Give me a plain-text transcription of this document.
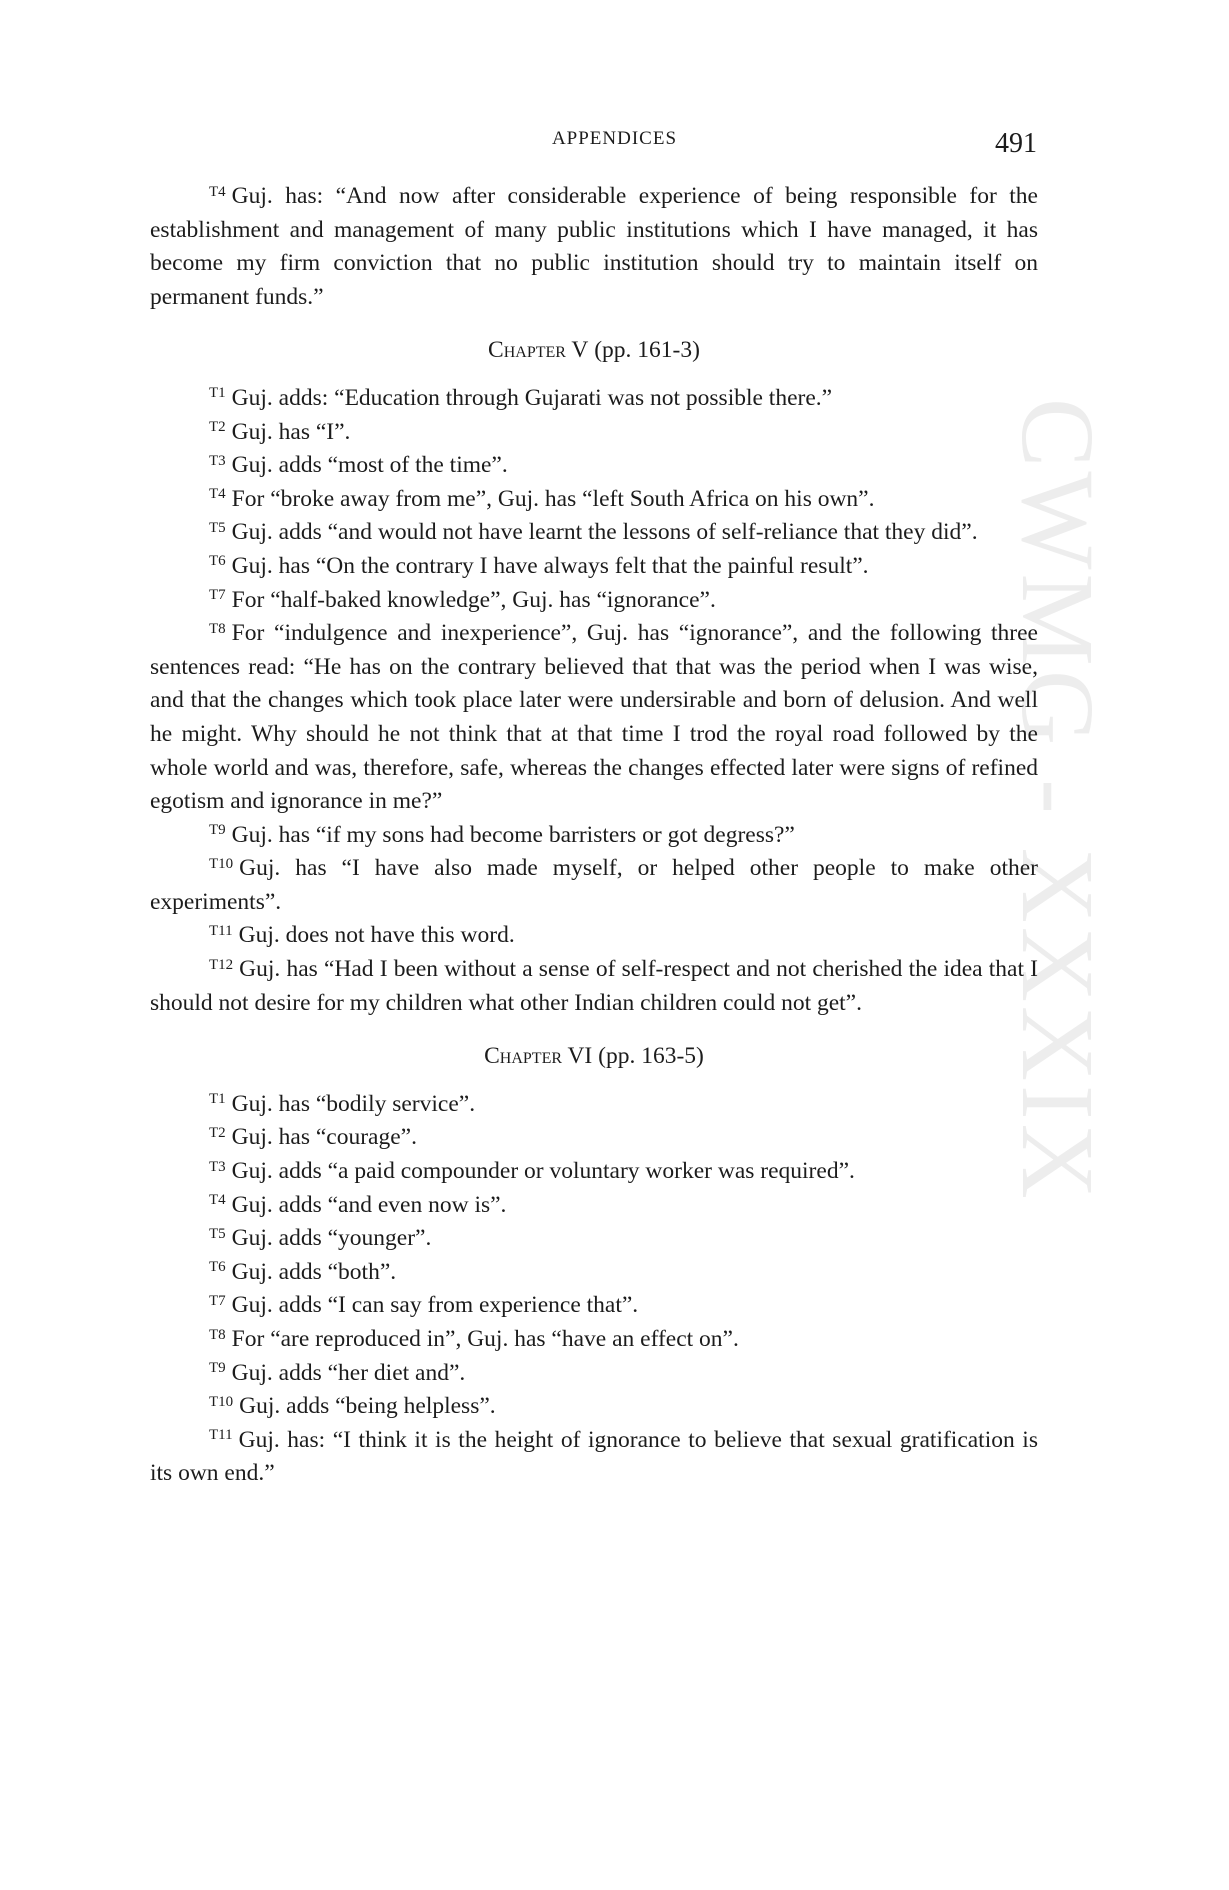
CWMG - XXXIX
APPENDICES	491

$^{T4}$ Guj. has: “And now after considerable experience of being responsible for the establishment and management of many public institutions which I have managed, it has become my firm conviction that no public institution should try to maintain itself on permanent funds.”

Chapter V (pp. 161-3)

$^{T1}$ Guj. adds: “Education through Gujarati was not possible there.”

$^{T2}$ Guj. has “I”.

$^{T3}$ Guj. adds “most of the time”.

$^{T4}$ For “broke away from me”, Guj. has “left South Africa on his own”.

$^{T5}$ Guj. adds “and would not have learnt the lessons of self-reliance that they did”.

$^{T6}$ Guj. has “On the contrary I have always felt that the painful result”.

$^{T7}$ For “half-baked knowledge”, Guj. has “ignorance”.

$^{T8}$ For “indulgence and inexperience”, Guj. has “ignorance”, and the following three sentences read: “He has on the contrary believed that that was the period when I was wise, and that the changes which took place later were undersirable and born of delusion. And well he might. Why should he not think that at that time I trod the royal road followed by the whole world and was, therefore, safe, whereas the changes effected later were signs of refined egotism and ignorance in me?”

$^{T9}$ Guj. has “if my sons had become barristers or got degress?”

$^{T10}$ Guj. has “I have also made myself, or helped other people to make other experiments”.

$^{T11}$ Guj. does not have this word.

$^{T12}$ Guj. has “Had I been without a sense of self-respect and not cherished the idea that I should not desire for my children what other Indian children could not get”.

Chapter VI (pp. 163-5)

$^{T1}$ Guj. has “bodily service”.

$^{T2}$ Guj. has “courage”.

$^{T3}$ Guj. adds “a paid compounder or voluntary worker was required”.

$^{T4}$ Guj. adds “and even now is”.

$^{T5}$ Guj. adds “younger”.

$^{T6}$ Guj. adds “both”.

$^{T7}$ Guj. adds “I can say from experience that”.

$^{T8}$ For “are reproduced in”, Guj. has “have an effect on”.

$^{T9}$ Guj. adds “her diet and”.

$^{T10}$ Guj. adds “being helpless”.

$^{T11}$ Guj. has: “I think it is the height of ignorance to believe that sexual gratification is its own end.”
